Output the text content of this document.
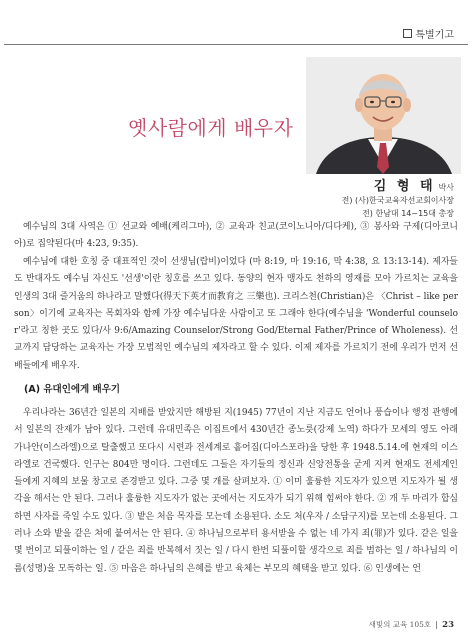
특별기고
옛사람에게 배우자
김 형 태 박사
전) (사)한국교육자선교회이사장
전) 한남대 14~15대 총장

예수님의 3대 사역은 ① 선교와 예배(케리그마), ② 교육과 친교(코이노니아/디다케), ③ 봉사와 구제(디아코니아)로 집약된다(마 4:23, 9:35).

예수님에 대한 호칭 중 대표적인 것이 선생님(랍비)이었다 (마 8:19, 마 19:16, 막 4:38, 요 13:13-14). 제자들도 반대자도 예수님 자신도 '선생'이란 칭호를 쓰고 있다. 동양의 현자 맹자도 천하의 영재를 모아 가르치는 교육을 인생의 3대 즐거움의 하나라고 말했다(得天下英才而教育之 三樂也). 크리스천(Christian)은 〈Christ – like person〉이기에 교육자는 목회자와 함께 가장 예수님다운 사람이고 또 그래야 한다(예수님을 'Wonderful counselor'라고 칭한 곳도 있다/사 9:6/Amazing Counselor/Strong God/Eternal Father/Prince of Wholeness). 선교까지 담당하는 교육자는 가장 모범적인 예수님의 제자라고 할 수 있다. 이제 제자를 가르치기 전에 우리가 먼저 선배들에게 배우자.

(A) 유대인에게 배우기

우리나라는 36년간 일본의 지배를 받았지만 해방된 지(1945) 77년이 지난 지금도 언어나 풍습이나 행정 관행에서 일본의 잔재가 남아 있다. 그런데 유대민족은 이집트에서 430년간 종노릇(강제 노역) 하다가 모세의 영도 아래 가나안(이스라엘)으로 탈출했고 또다시 시련과 전세계로 흩어짐(디아스포라)을 당한 후 1948.5.14.에 현재의 이스라엘로 건국했다. 인구는 804만 명이다. 그런데도 그들은 자기들의 정신과 신앙전통을 굳게 지켜 현재도 전세계인들에게 지혜의 보물 창고로 존경받고 있다. 그중 몇 개를 살펴보자. ① 이미 훌륭한 지도자가 있으면 지도자가 될 생각을 해서는 안 된다. 그러나 훌륭한 지도자가 없는 곳에서는 지도자가 되기 위해 힘써야 한다. ② 개 두 마리가 합심하면 사자를 죽일 수도 있다. ③ 밭은 처음 목자를 모는데 소용된다. 소도 처(우자 / 소담구지)를 모는데 소용된다. 그러나 소와 밭을 같은 쳐에 붙여서는 안 된다. ④ 하나님으로부터 용서받을 수 없는 네 가지 죄(罪)가 있다. 같은 일을 몇 번이고 되풀이하는 일 / 같은 죄를 반복해서 짓는 일 / 다시 한번 되풀이할 생각으로 죄를 범하는 일 / 하나님의 이름(성명)을 모독하는 일. ⑤ 마음은 하나님의 은혜를 받고 육체는 부모의 혜택을 받고 있다. ⑥ 인생에는 언

새빛의 교육 105호 23
